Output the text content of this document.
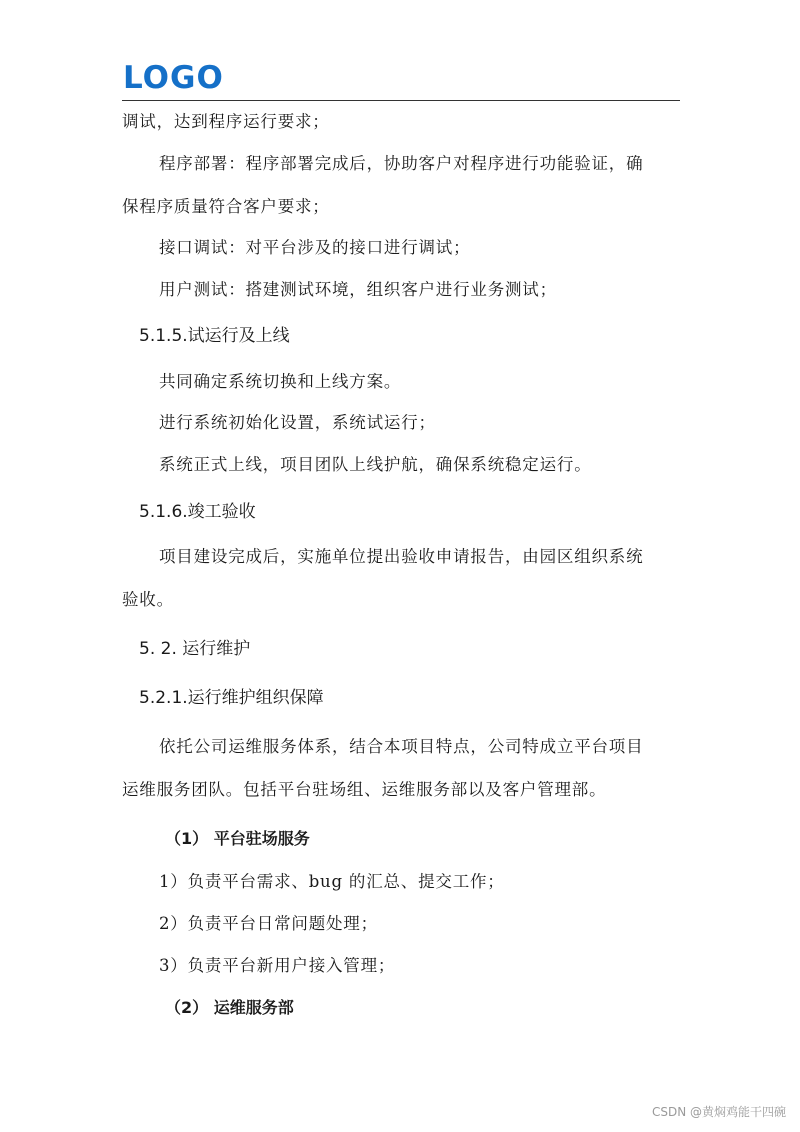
LOGO
调试，达到程序运行要求；
程序部署：程序部署完成后，协助客户对程序进行功能验证，确
保程序质量符合客户要求；
接口调试：对平台涉及的接口进行调试；
用户测试：搭建测试环境，组织客户进行业务测试；
5.1.5.试运行及上线
共同确定系统切换和上线方案。
进行系统初始化设置，系统试运行；
系统正式上线，项目团队上线护航，确保系统稳定运行。
5.1.6.竣工验收
项目建设完成后，实施单位提出验收申请报告，由园区组织系统
验收。
5. 2. 运行维护
5.2.1.运行维护组织保障
依托公司运维服务体系，结合本项目特点，公司特成立平台项目
运维服务团队。包括平台驻场组、运维服务部以及客户管理部。
（1） 平台驻场服务
1）负责平台需求、bug 的汇总、提交工作；
2）负责平台日常问题处理；
3）负责平台新用户接入管理；
（2） 运维服务部
CSDN @黄焖鸡能干四碗
